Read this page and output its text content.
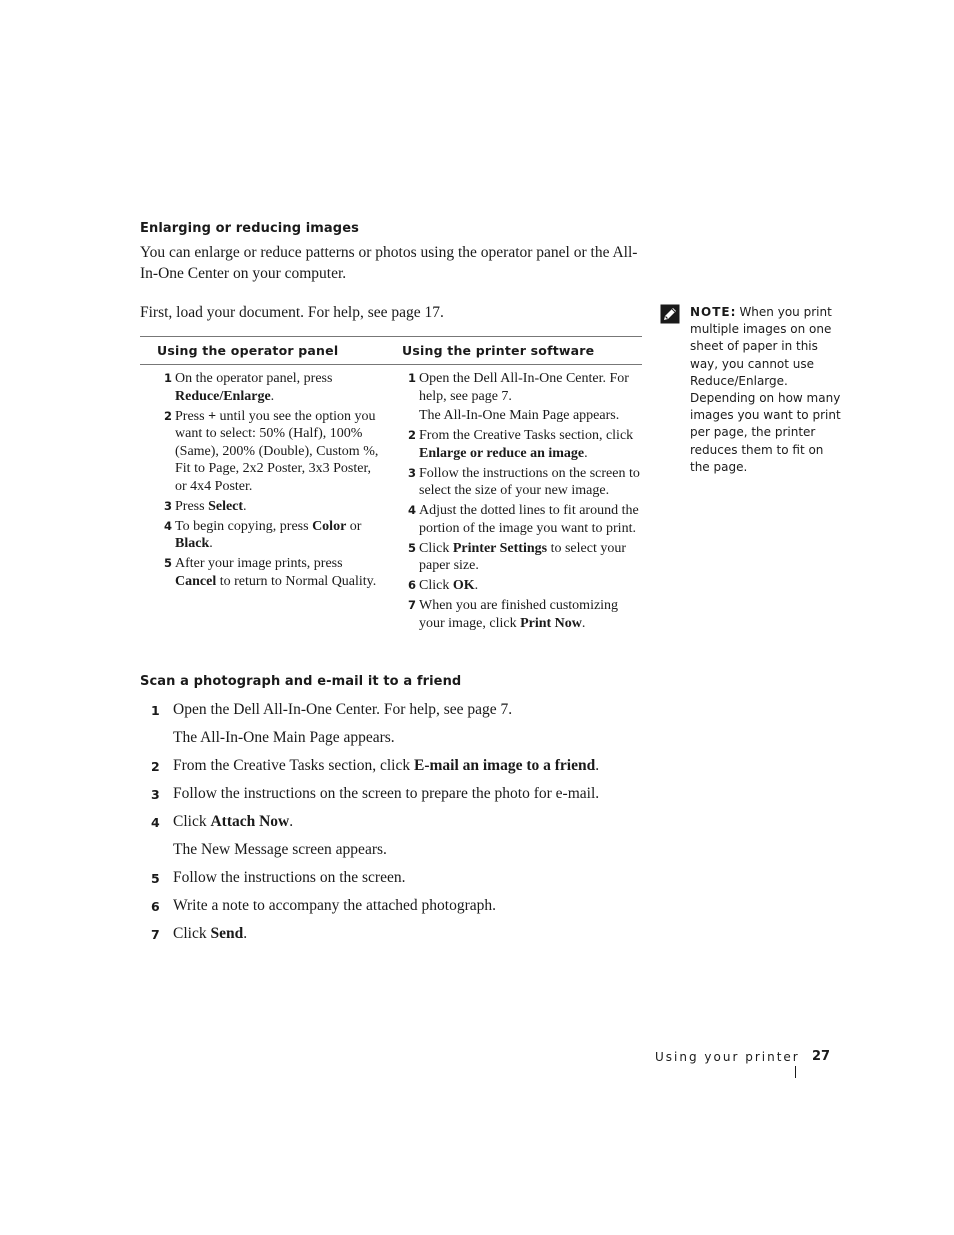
Enlarging or reducing images
You can enlarge or reduce patterns or photos using the operator panel or the All-In-One Center on your computer.
First, load your document. For help, see page 17.
Using the operator panel	Using the printer software
1 On the operator panel, press Reduce/Enlarge.
2 Press + until you see the option you want to select: 50% (Half), 100% (Same), 200% (Double), Custom %, Fit to Page, 2x2 Poster, 3x3 Poster, or 4x4 Poster.
3 Press Select.
4 To begin copying, press Color or Black.
5 After your image prints, press Cancel to return to Normal Quality.
1 Open the Dell All-In-One Center. For help, see page 7.
The All-In-One Main Page appears.
2 From the Creative Tasks section, click Enlarge or reduce an image.
3 Follow the instructions on the screen to select the size of your new image.
4 Adjust the dotted lines to fit around the portion of the image you want to print.
5 Click Printer Settings to select your paper size.
6 Click OK.
7 When you are finished customizing your image, click Print Now.
NOTE: When you print multiple images on one sheet of paper in this way, you cannot use Reduce/Enlarge. Depending on how many images you want to print per page, the printer reduces them to fit on the page.
Scan a photograph and e-mail it to a friend
1 Open the Dell All-In-One Center. For help, see page 7.
The All-In-One Main Page appears.
2 From the Creative Tasks section, click E-mail an image to a friend.
3 Follow the instructions on the screen to prepare the photo for e-mail.
4 Click Attach Now.
The New Message screen appears.
5 Follow the instructions on the screen.
6 Write a note to accompany the attached photograph.
7 Click Send.
Using your printer 27
